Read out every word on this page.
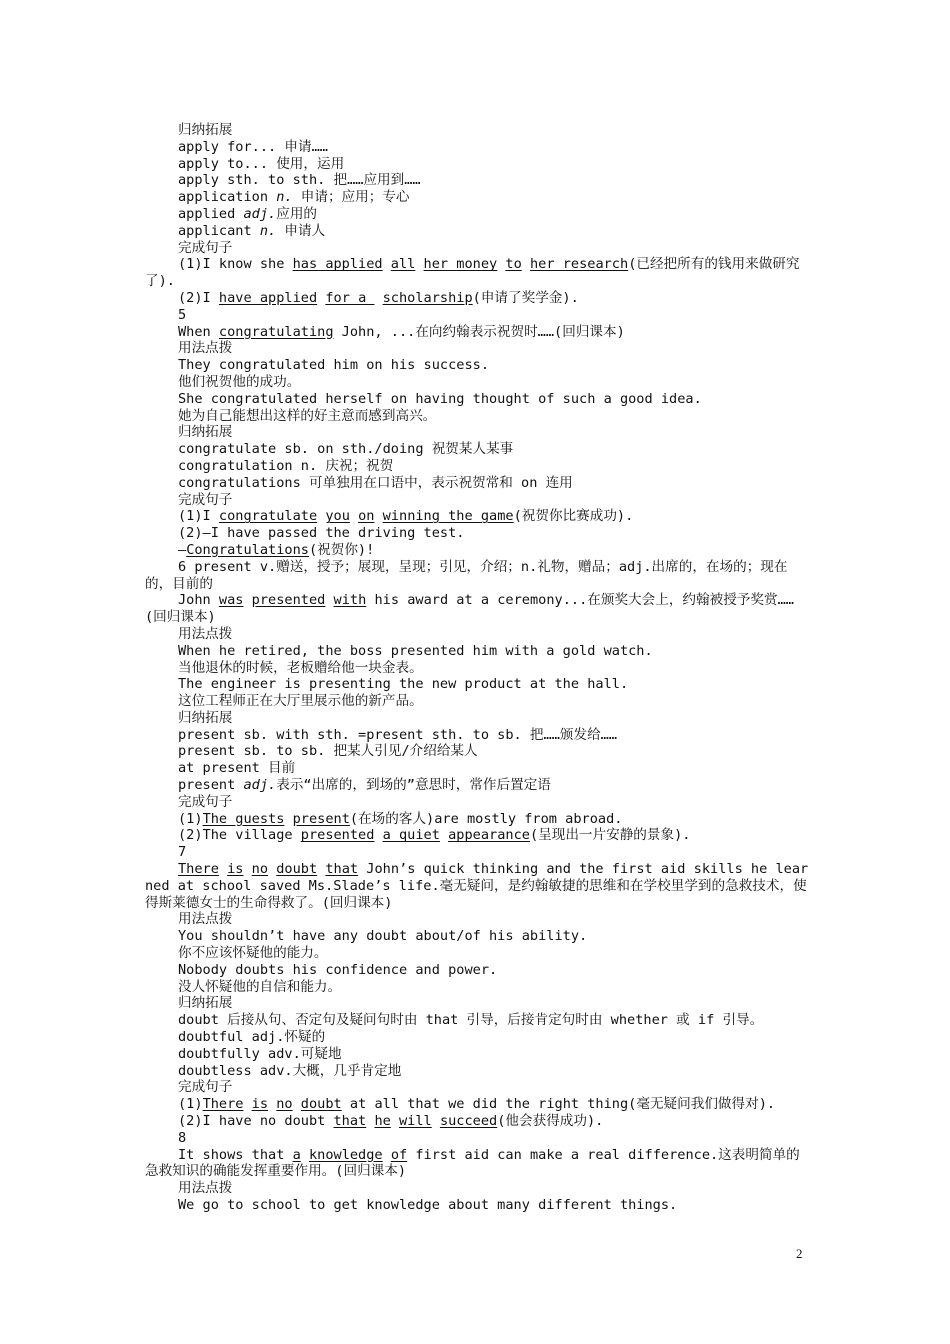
归纳拓展
apply for... 申请……
apply to... 使用，运用
apply sth. to sth. 把……应用到……
application n. 申请；应用；专心
applied adj.应用的
applicant n. 申请人
完成句子
(1)I know she has applied all her money to her research(已经把所有的钱用来做研究了).
(2)I have applied for a  scholarship(申请了奖学金).
5
When congratulating John, ...在向约翰表示祝贺时……(回归课本)
用法点拨
They congratulated him on his success.
他们祝贺他的成功。
She congratulated herself on having thought of such a good idea.
她为自己能想出这样的好主意而感到高兴。
归纳拓展
congratulate sb. on sth./doing 祝贺某人某事
congratulation n. 庆祝；祝贺
congratulations 可单独用在口语中，表示祝贺常和 on 连用
完成句子
(1)I congratulate you on winning the game(祝贺你比赛成功).
(2)—I have passed the driving test.
—Congratulations(祝贺你)!
6 present v.赠送，授予；展现，呈现；引见，介绍；n.礼物，赠品；adj.出席的，在场的；现在的，目前的
John was presented with his award at a ceremony...在颁奖大会上，约翰被授予奖赏……(回归课本)
用法点拨
When he retired, the boss presented him with a gold watch.
当他退休的时候，老板赠给他一块金表。
The engineer is presenting the new product at the hall.
这位工程师正在大厅里展示他的新产品。
归纳拓展
present sb. with sth. =present sth. to sb. 把……颁发给……
present sb. to sb. 把某人引见/介绍给某人
at present 目前
present adj.表示“出席的，到场的”意思时，常作后置定语
完成句子
(1)The guests present(在场的客人)are mostly from abroad.
(2)The village presented a quiet appearance(呈现出一片安静的景象).
7
There is no doubt that John’s quick thinking and the first aid skills he learned at school saved Ms.Slade’s life.毫无疑问，是约翰敏捷的思维和在学校里学到的急救技术，使得斯莱德女士的生命得救了。(回归课本)
用法点拨
You shouldn’t have any doubt about/of his ability.
你不应该怀疑他的能力。
Nobody doubts his confidence and power.
没人怀疑他的自信和能力。
归纳拓展
doubt 后接从句、否定句及疑问句时由 that 引导，后接肯定句时由 whether 或 if 引导。
doubtful adj.怀疑的
doubtfully adv.可疑地
doubtless adv.大概，几乎肯定地
完成句子
(1)There is no doubt at all that we did the right thing(毫无疑问我们做得对).
(2)I have no doubt that he will succeed(他会获得成功).
8
It shows that a knowledge of first aid can make a real difference.这表明简单的急救知识的确能发挥重要作用。(回归课本)
用法点拨
We go to school to get knowledge about many different things.
2
